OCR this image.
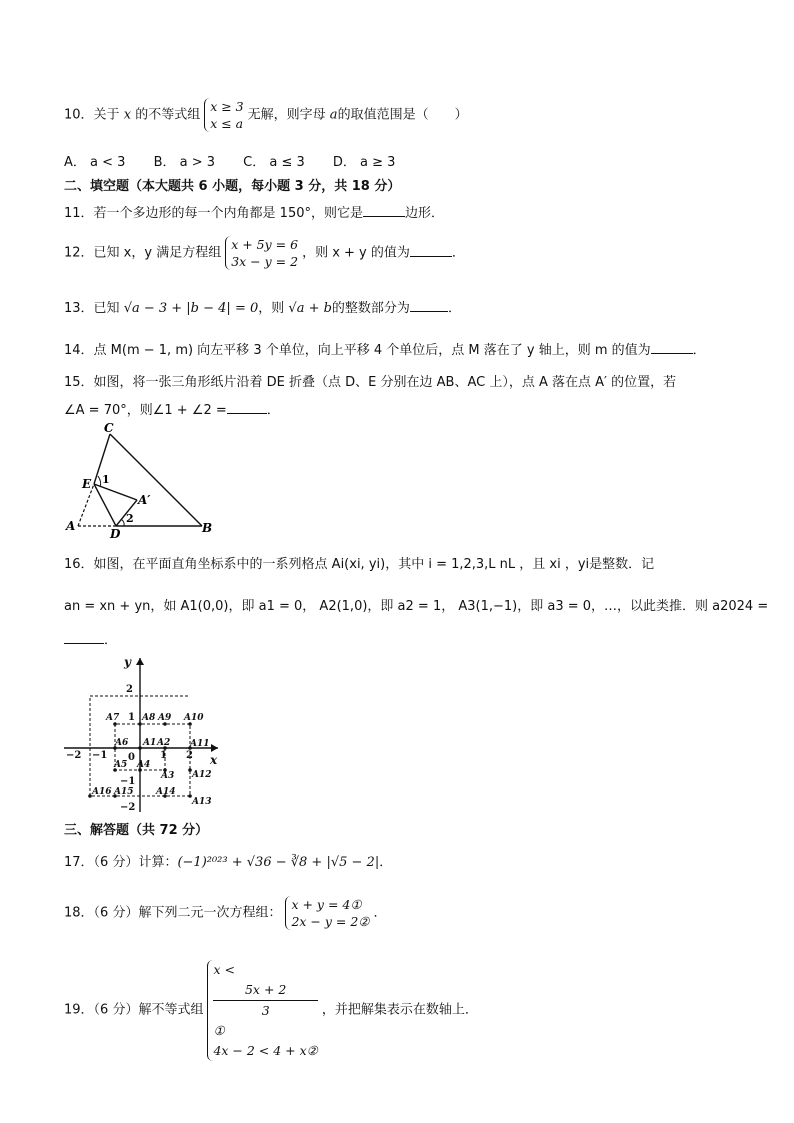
10．关于 x 的不等式组
x ≥ 3
x ≤ a
无解，则字母 a的取值范围是（　　）
A． a < 3 B． a > 3 C． a ≤ 3 D． a ≥ 3
二、填空题（本大题共 6 小题，每小题 3 分，共 18 分）
11．若一个多边形的每一个内角都是 150°，则它是	边形．
12．已知 x，y 满足方程组
x + 5y = 6
3x − y = 2
，则 x + y 的值为	．
13．已知 √a − 3 + |b − 4| = 0，则 √a + b的整数部分为	．
14．点 M(m − 1, m) 向左平移 3 个单位，向上平移 4 个单位后，点 M 落在了 y 轴上，则 m 的值为	．
15．如图，将一张三角形纸片沿着 DE 折叠（点 D、E 分别在边 AB、AC 上），点 A 落在点 A′ 的位置，若
∠A = 70°，则∠1 + ∠2 =	．
C
E 1
A′
2
A
D	B
16．如图，在平面直角坐标系中的一系列格点 Ai(xi, yi)，其中 i = 1,2,3,L nL ，且 xi ，yi是整数．记
an = xn + yn，如 A1(0,0)，即 a1 = 0， A2(1,0)，即 a2 = 1， A3(1,−1)，即 a3 = 0，…，以此类推．则 a2024 =
．
y
x
2
1
0
−1
−2
−2 −1	1 2
A1 A2
A3
A4
A5
A6
A7	A8 A9 A10
A11
A12
A13
A14
A15
A16
三、解答题（共 72 分）
17．（6 分）计算：(−1)²⁰²³ + √36 − ∛8 + |√5 − 2|．
18．（6 分）解下列二元一次方程组：
x + y = 4①
2x − y = 2②
．
19．（6 分）解不等式组
x <
5x + 2
3
①
4x − 2 < 4 + x②
，并把解集表示在数轴上．
